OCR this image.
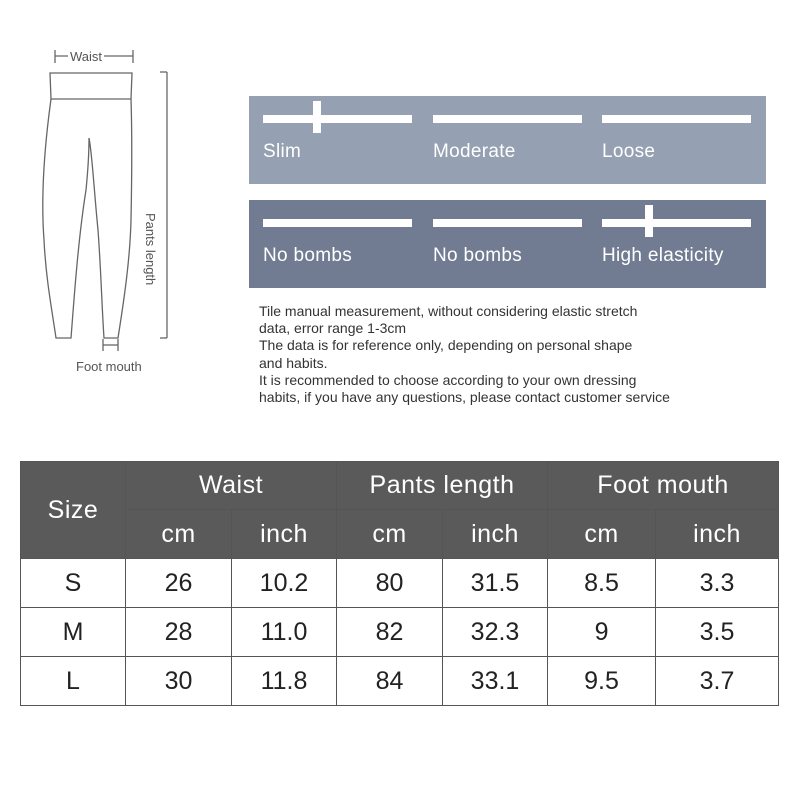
Waist
Pants length
Foot mouth
Slim	Moderate	Loose
No bombs	No bombs	High elasticity

Tile manual measurement, without considering elastic stretch

data, error range 1-3cm

The data is for reference only, depending on personal shape

and habits.

It is recommended to choose according to your own dressing

habits, if you have any questions, please contact customer service

Size	Waist		Pants length		Foot mouth	
	cm	inch	cm	inch	cm	inch
S	26	10.2	80	31.5	8.5	3.3
M	28	11.0	82	32.3	9	3.5
L	30	11.8	84	33.1	9.5	3.7
